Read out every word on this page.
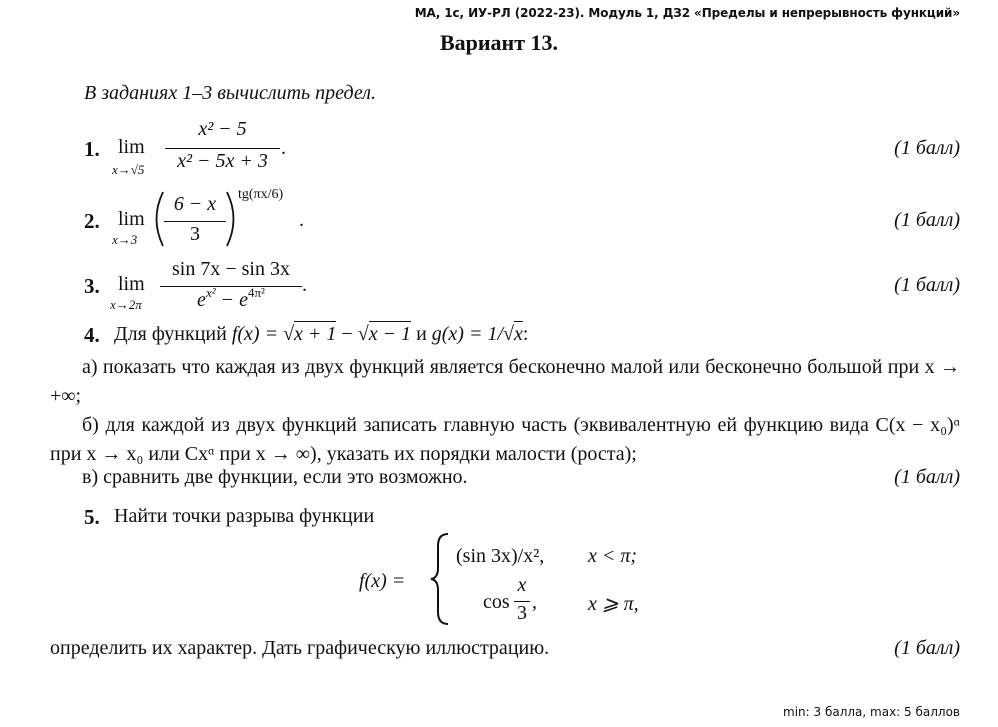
МА, 1с, ИУ-РЛ (2022-23). Модуль 1, ДЗ2 «Пределы и непрерывность функций»
Вариант 13.
В заданиях 1–3 вычислить предел.
1. lim
x→√5
x² − 5
x² − 5x + 3
.	(1 балл)
2. lim
x→3
6 − x
3
tg(πx/6)
.	(1 балл)
3. lim
x→2π
sin 7x − sin 3x
$e^{x^2} - e^{4\pi^2}$	.	(1 балл)
4. Для функций f(x) = √x + 1 − √x − 1 и g(x) = 1/√x:
а) показать что каждая из двух функций является бесконечно малой или бесконечно большой при x → +∞;
б) для каждой из двух функций записать главную часть (эквивалентную ей функцию вида C(x − x₀)ᵅ при x → x₀ или Cxᵅ при x → ∞), указать их порядки малости (роста);
в) сравнить две функции, если это возможно.	(1 балл)
5. Найти точки разрыва функции
f(x) =
(sin 3x)/x², x < π;
cos
x
3 ,	x ⩾ π,
определить их характер. Дать графическую иллюстрацию.	(1 балл)
min: 3 балла, max: 5 баллов
